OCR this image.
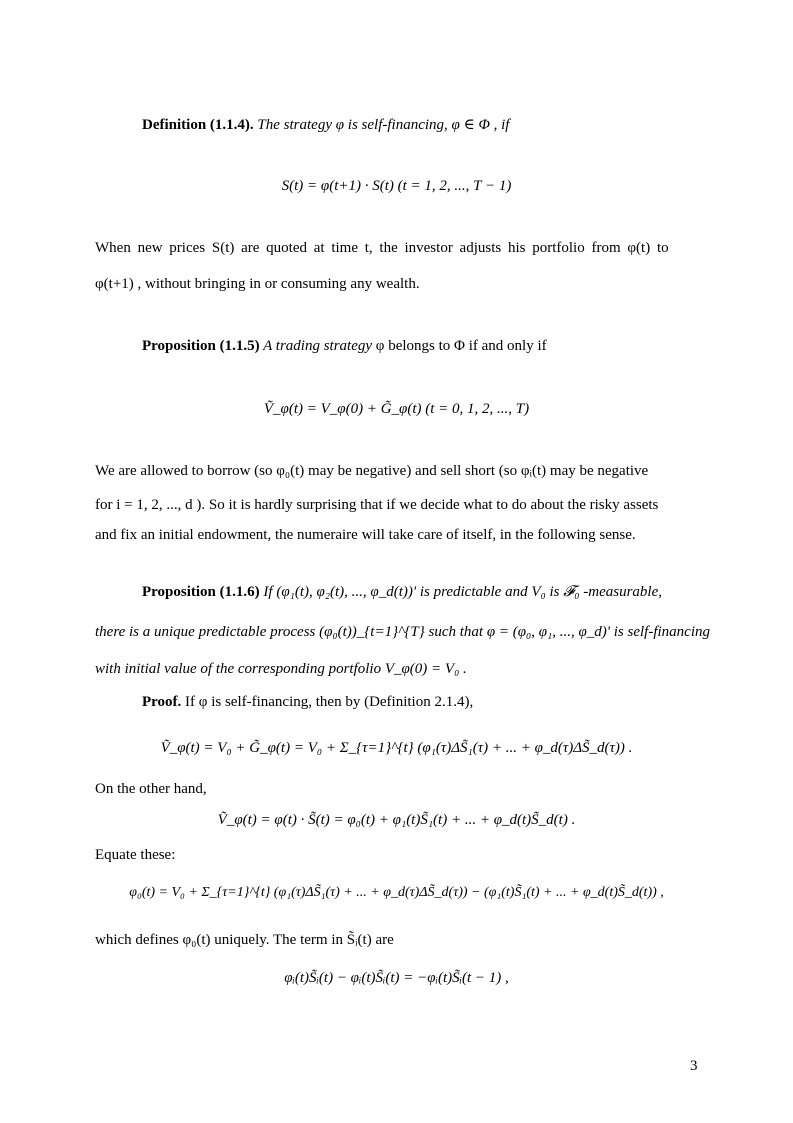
Definition (1.1.4). The strategy φ is self-financing, φ ∈ Φ , if
S(t) = φ(t+1) · S(t) (t = 1, 2, ..., T − 1)
When new prices S(t) are quoted at time t, the investor adjusts his portfolio from φ(t) to
φ(t+1) , without bringing in or consuming any wealth.
Proposition (1.1.5) A trading strategy φ belongs to Φ if and only if
Ṽ_φ(t) = V_φ(0) + G̃_φ(t) (t = 0, 1, 2, ..., T)
We are allowed to borrow (so φ₀(t) may be negative) and sell short (so φᵢ(t) may be negative
for i = 1, 2, ..., d ). So it is hardly surprising that if we decide what to do about the risky assets
and fix an initial endowment, the numeraire will take care of itself, in the following sense.
Proposition (1.1.6) If (φ₁(t), φ₂(t), ..., φ_d(t))' is predictable and V₀ is 𝓕₀ -measurable,
there is a unique predictable process (φ₀(t))_{t=1}^{T} such that φ = (φ₀, φ₁, ..., φ_d)' is self-financing
with initial value of the corresponding portfolio V_φ(0) = V₀ .
Proof. If φ is self-financing, then by (Definition 2.1.4),
Ṽ_φ(t) = V₀ + G̃_φ(t) = V₀ + Σ_{τ=1}^{t} (φ₁(τ)ΔS̃₁(τ) + ... + φ_d(τ)ΔS̃_d(τ)) .
On the other hand,
Ṽ_φ(t) = φ(t) · S̃(t) = φ₀(t) + φ₁(t)S̃₁(t) + ... + φ_d(t)S̃_d(t) .
Equate these:
φ₀(t) = V₀ + Σ_{τ=1}^{t} (φ₁(τ)ΔS̃₁(τ) + ... + φ_d(τ)ΔS̃_d(τ)) − (φ₁(t)S̃₁(t) + ... + φ_d(t)S̃_d(t)) ,
which defines φ₀(t) uniquely. The term in S̃ᵢ(t) are
φᵢ(t)S̃ᵢ(t) − φᵢ(t)S̃ᵢ(t) = −φᵢ(t)S̃ᵢ(t − 1) ,
3
